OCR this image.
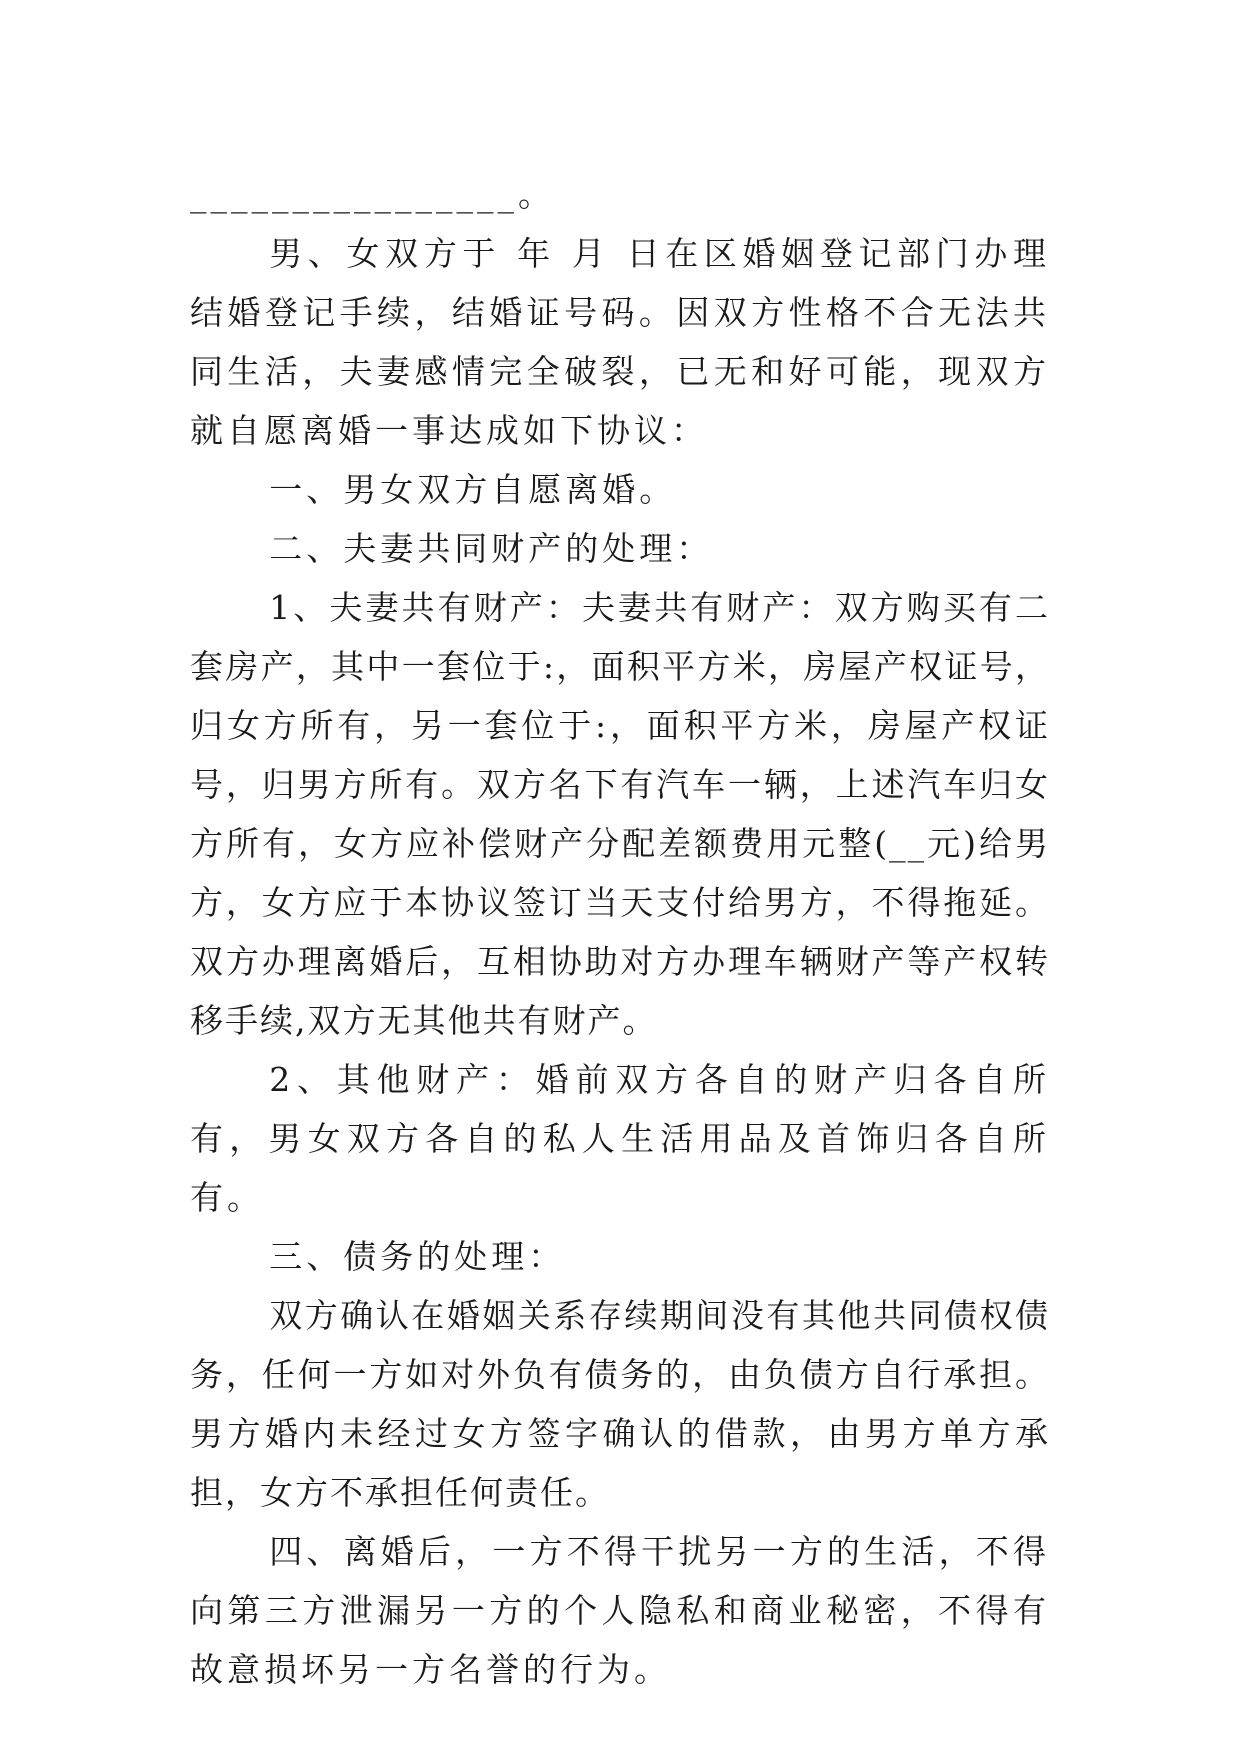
________________。

男、女双方于 年 月 日在区婚姻登记部门办理结婚登记手续，结婚证号码。因双方性格不合无法共同生活，夫妻感情完全破裂，已无和好可能，现双方就自愿离婚一事达成如下协议：

一、男女双方自愿离婚。

二、夫妻共同财产的处理：

1、夫妻共有财产：夫妻共有财产：双方购买有二套房产，其中一套位于:，面积平方米，房屋产权证号，归女方所有，另一套位于:，面积平方米，房屋产权证号，归男方所有。双方名下有汽车一辆，上述汽车归女方所有，女方应补偿财产分配差额费用元整(__元)给男方，女方应于本协议签订当天支付给男方，不得拖延。双方办理离婚后，互相协助对方办理车辆财产等产权转移手续,双方无其他共有财产。

2、其他财产：婚前双方各自的财产归各自所有，男女双方各自的私人生活用品及首饰归各自所有。

三、债务的处理：

双方确认在婚姻关系存续期间没有其他共同债权债务，任何一方如对外负有债务的，由负债方自行承担。男方婚内未经过女方签字确认的借款，由男方单方承担，女方不承担任何责任。

四、离婚后，一方不得干扰另一方的生活，不得向第三方泄漏另一方的个人隐私和商业秘密，不得有故意损坏另一方名誉的行为。
